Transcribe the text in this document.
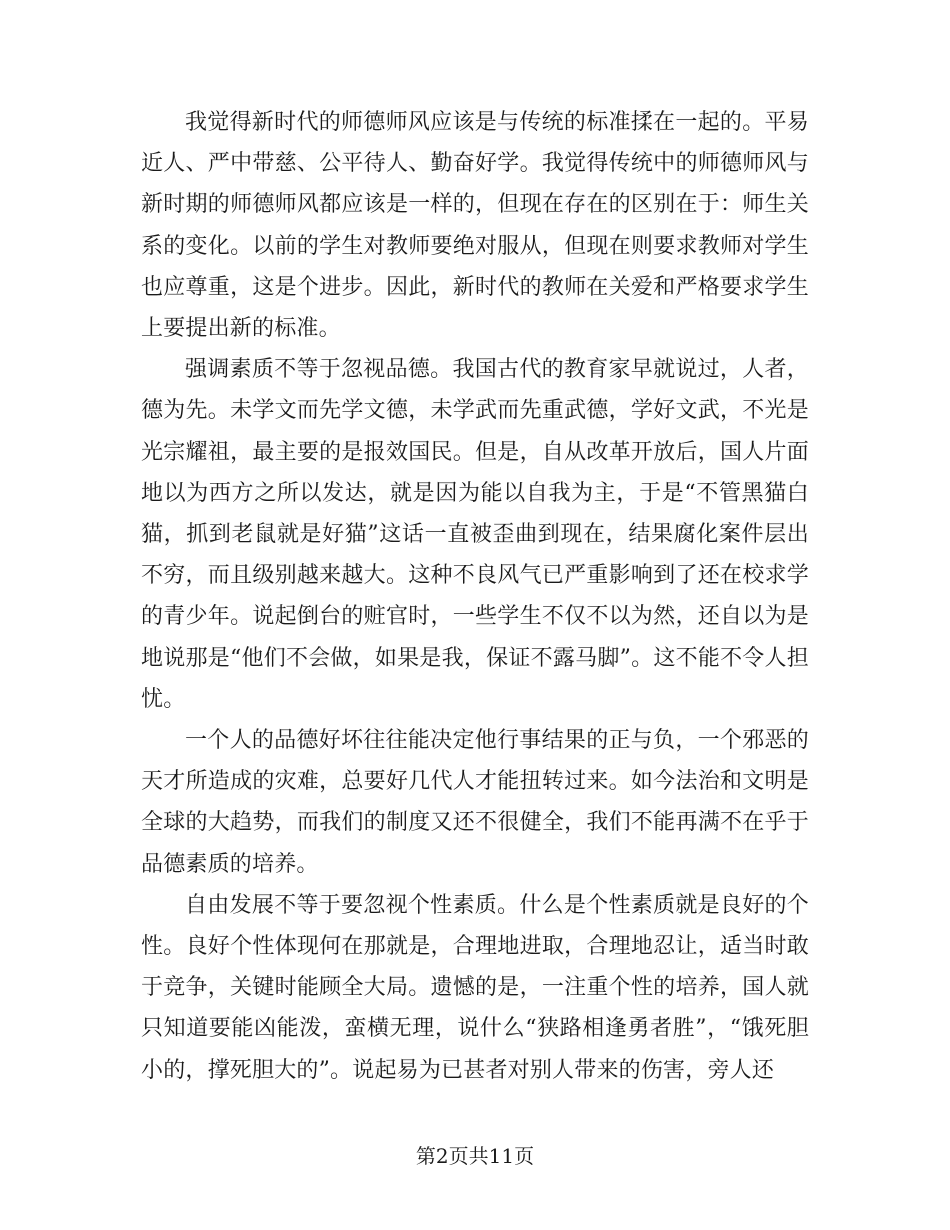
我觉得新时代的师德师风应该是与传统的标准揉在一起的。平易近人、严中带慈、公平待人、勤奋好学。我觉得传统中的师德师风与新时期的师德师风都应该是一样的，但现在存在的区别在于：师生关系的变化。以前的学生对教师要绝对服从，但现在则要求教师对学生也应尊重，这是个进步。因此，新时代的教师在关爱和严格要求学生上要提出新的标准。

强调素质不等于忽视品德。我国古代的教育家早就说过，人者，德为先。未学文而先学文德，未学武而先重武德，学好文武，不光是光宗耀祖，最主要的是报效国民。但是，自从改革开放后，国人片面地以为西方之所以发达，就是因为能以自我为主，于是“不管黑猫白猫，抓到老鼠就是好猫”这话一直被歪曲到现在，结果腐化案件层出不穷，而且级别越来越大。这种不良风气已严重影响到了还在校求学的青少年。说起倒台的赃官时，一些学生不仅不以为然，还自以为是地说那是“他们不会做，如果是我，保证不露马脚”。这不能不令人担忧。

一个人的品德好坏往往能决定他行事结果的正与负，一个邪恶的天才所造成的灾难，总要好几代人才能扭转过来。如今法治和文明是全球的大趋势，而我们的制度又还不很健全，我们不能再满不在乎于品德素质的培养。

自由发展不等于要忽视个性素质。什么是个性素质就是良好的个性。良好个性体现何在那就是，合理地进取，合理地忍让，适当时敢于竞争，关键时能顾全大局。遗憾的是，一注重个性的培养，国人就只知道要能凶能泼，蛮横无理，说什么“狭路相逢勇者胜”，“饿死胆小的，撑死胆大的”。说起易为已甚者对别人带来的伤害，旁人还

第2页共11页
